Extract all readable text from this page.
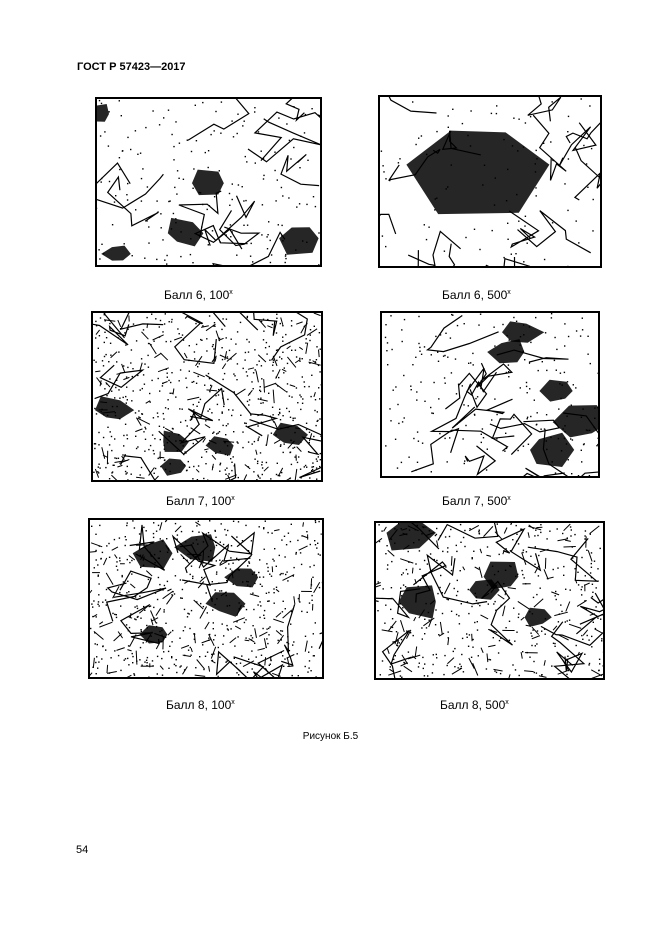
ГОСТ Р 57423—2017
Балл 6, 100$^x$	Балл 6, 500$^x$
Балл 7, 100$^x$	Балл 7, 500$^x$
Балл 8, 100$^x$	Балл 8, 500$^x$
Рисунок Б.5
54
